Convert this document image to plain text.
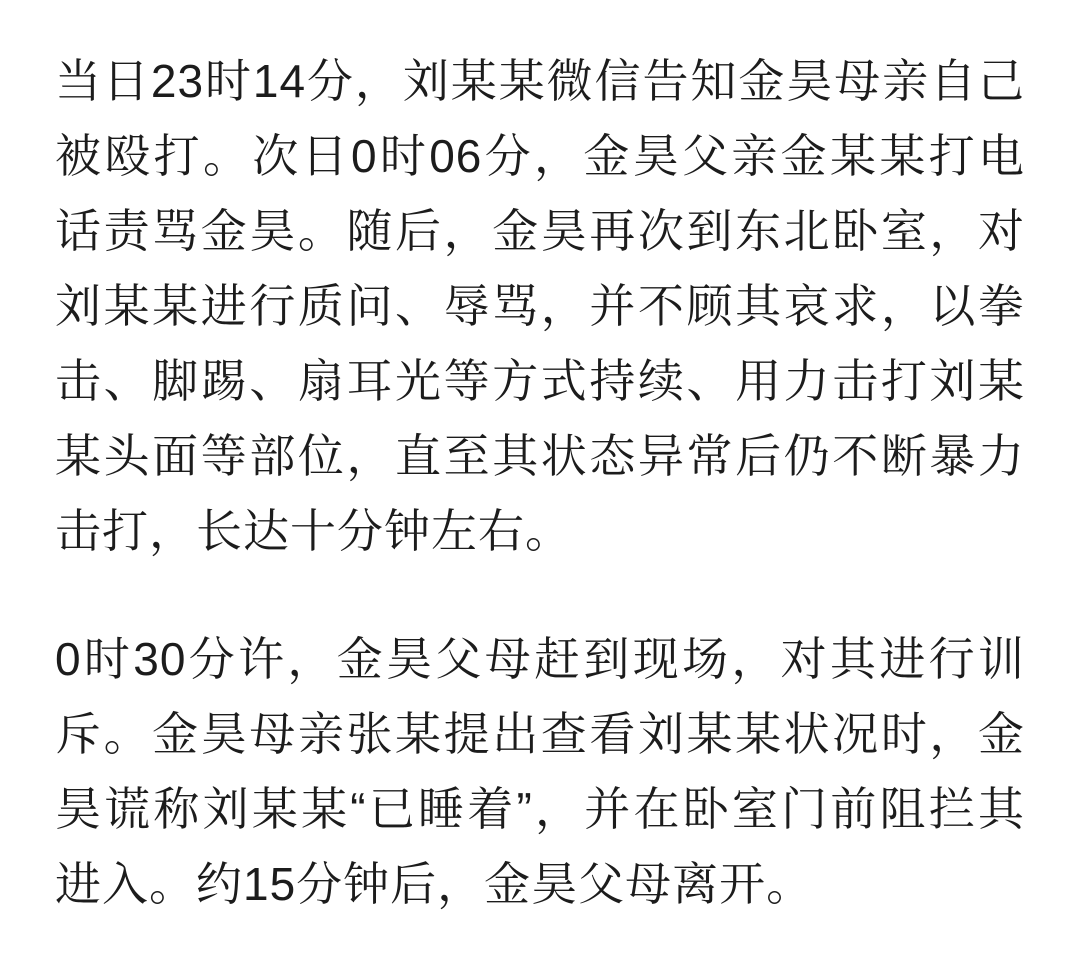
当日23时14分，刘某某微信告知金昊母亲自己被殴打。次日0时06分，金昊父亲金某某打电话责骂金昊。随后，金昊再次到东北卧室，对刘某某进行质问、辱骂，并不顾其哀求，以拳击、脚踢、扇耳光等方式持续、用力击打刘某某头面等部位，直至其状态异常后仍不断暴力击打，长达十分钟左右。

0时30分许，金昊父母赶到现场，对其进行训斥。金昊母亲张某提出查看刘某某状况时，金昊谎称刘某某“已睡着”，并在卧室门前阻拦其进入。约15分钟后，金昊父母离开。
